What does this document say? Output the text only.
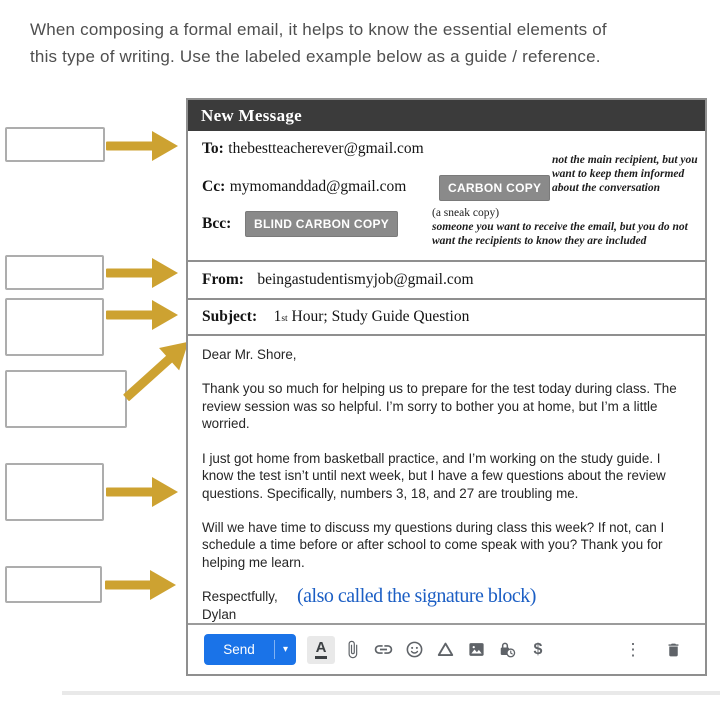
When composing a formal email, it helps to know the essential elements of
this type of writing. Use the labeled example below as a guide / reference.

New Message
To: thebestteacherever@gmail.com
Cc: mymomanddad@gmail.com	CARBON COPY
not the main recipient, but you want to keep them informed about the conversation
Bcc:	BLIND CARBON COPY
(a sneak copy)
someone you want to receive the email, but you do not want the recipients to know they are included
From: beingastudentismyjob@gmail.com
Subject: 1st Hour; Study Guide Question

Dear Mr. Shore,

Thank you so much for helping us to prepare for the test today during class. The review session was so helpful. I’m sorry to bother you at home, but I’m a little worried.

I just got home from basketball practice, and I’m working on the study guide. I know the test isn’t until next week, but I have a few questions about the review questions. Specifically, numbers 3, 18, and 27 are troubling me.

Will we have time to discuss my questions during class this week? If not, can I schedule a time before or after school to come speak with you? Thank you for helping me learn.

Respectfully, (also called the signature block)
Dylan
Send	▾	A	$	⋮
